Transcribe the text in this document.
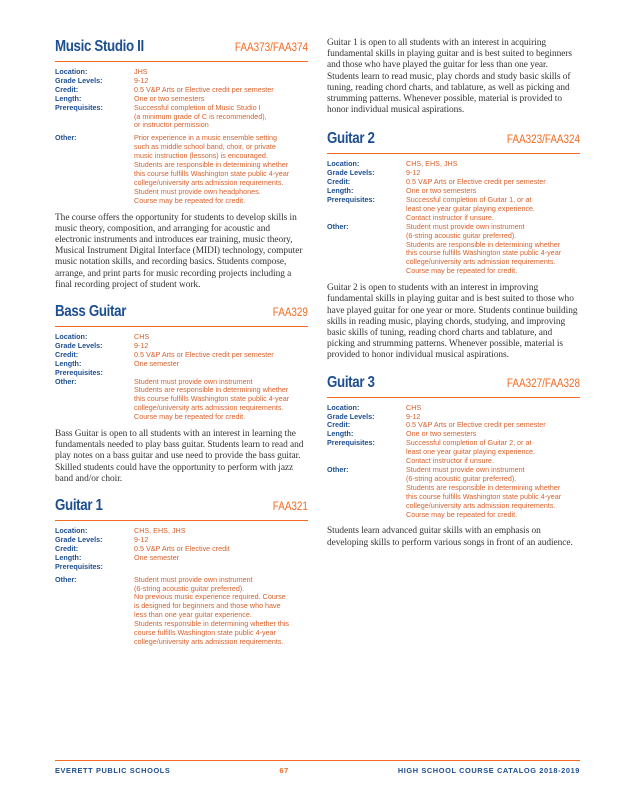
Music Studio II	FAA373/FAA374
Location:	JHS
Grade Levels:	9-12
Credit:	0.5 V&P Arts or Elective credit per semester
Length:	One or two semesters
Prerequisites:	Successful completion of Music Studio I
(a minimum grade of C is recommended),
or instructor permission
Other:	Prior experience in a music ensemble setting
such as middle school band, choir, or private
music instruction (lessons) is encouraged.
Students are responsible in determining whether
this course fulfills Washington state public 4-year
college/university arts admission requirements.
Student must provide own headphones.
Course may be repeated for credit.

The course offers the opportunity for students to develop skills in music theory, composition, and arranging for acoustic and electronic instruments and introduces ear training, music theory, Musical Instrument Digital Interface (MIDI) technology, computer music notation skills, and recording basics. Students compose, arrange, and print parts for music recording projects including a final recording project of student work.

Bass Guitar	FAA329
Location:	CHS
Grade Levels:	9-12
Credit:	0.5 V&P Arts or Elective credit per semester
Length:	One semester
Prerequisites:
Other:	Student must provide own instrument
Students are responsible in determining whether
this course fulfills Washington state public 4-year
college/university arts admission requirements.
Course may be repeated for credit.

Bass Guitar is open to all students with an interest in learning the fundamentals needed to play bass guitar. Students learn to read and play notes on a bass guitar and use need to provide the bass guitar. Skilled students could have the opportunity to perform with jazz band and/or choir.

Guitar 1	FAA321
Location:	CHS, EHS, JHS
Grade Levels:	9-12
Credit:	0.5 V&P Arts or Elective credit
Length:	One semester
Prerequisites:
Other:	Student must provide own instrument
(6-string acoustic guitar preferred).
No previous music experience required. Course
is designed for beginners and those who have
less than one year guitar experience.
Students responsible in determining whether this
course fulfills Washington state public 4-year
college/university arts admission requirements.

Guitar 1 is open to all students with an interest in acquiring fundamental skills in playing guitar and is best suited to beginners and those who have played the guitar for less than one year. Students learn to read music, play chords and study basic skills of tuning, reading chord charts, and tablature, as well as picking and strumming patterns. Whenever possible, material is provided to honor individual musical aspirations.

Guitar 2	FAA323/FAA324
Location:	CHS, EHS, JHS
Grade Levels:	9-12
Credit:	0.5 V&P Arts or Elective credit per semester
Length:	One or two semesters
Prerequisites:	Successful completion of Guitar 1, or at
least one year guitar playing experience.
Contact instructor if unsure.
Other:	Student must provide own instrument
(6-string acoustic guitar preferred).
Students are responsible in determining whether
this course fulfills Washington state public 4-year
college/university arts admission requirements.
Course may be repeated for credit.

Guitar 2 is open to students with an interest in improving fundamental skills in playing guitar and is best suited to those who have played guitar for one year or more. Students continue building skills in reading music, playing chords, studying, and improving basic skills of tuning, reading chord charts and tablature, and picking and strumming patterns. Whenever possible, material is provided to honor individual musical aspirations.

Guitar 3	FAA327/FAA328
Location:	CHS
Grade Levels:	9-12
Credit:	0.5 V&P Arts or Elective credit per semester
Length:	One or two semesters
Prerequisites:	Successful completion of Guitar 2, or at
least one year guitar playing experience.
Contact instructor if unsure.
Other:	Student must provide own instrument
(6-string acoustic guitar preferred).
Students are responsible in determining whether
this course fulfills Washington state public 4-year
college/university arts admission requirements.
Course may be repeated for credit.

Students learn advanced guitar skills with an emphasis on developing skills to perform various songs in front of an audience.

EVERETT PUBLIC SCHOOLS	67	HIGH SCHOOL COURSE CATALOG 2018-2019
